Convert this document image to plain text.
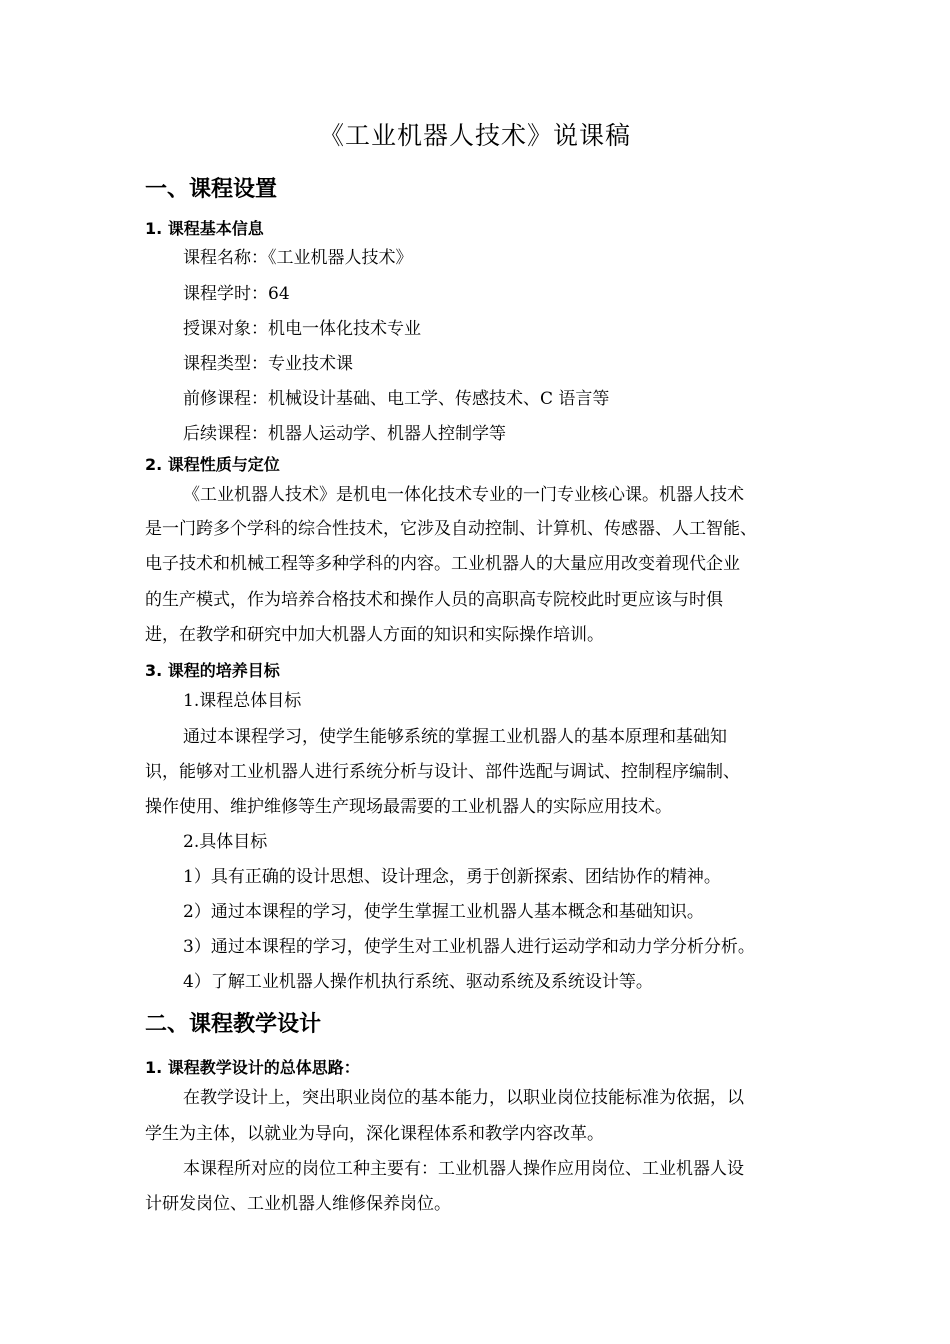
《工业机器人技术》说课稿
一、课程设置
1. 课程基本信息
课程名称：《工业机器人技术》
课程学时：64
授课对象：机电一体化技术专业
课程类型：专业技术课
前修课程：机械设计基础、电工学、传感技术、C 语言等
后续课程：机器人运动学、机器人控制学等
2. 课程性质与定位
《工业机器人技术》是机电一体化技术专业的一门专业核心课。机器人技术
是一门跨多个学科的综合性技术，它涉及自动控制、计算机、传感器、人工智能、
电子技术和机械工程等多种学科的内容。工业机器人的大量应用改变着现代企业
的生产模式，作为培养合格技术和操作人员的高职高专院校此时更应该与时俱
进，在教学和研究中加大机器人方面的知识和实际操作培训。
3. 课程的培养目标
1.课程总体目标
通过本课程学习，使学生能够系统的掌握工业机器人的基本原理和基础知
识，能够对工业机器人进行系统分析与设计、部件选配与调试、控制程序编制、
操作使用、维护维修等生产现场最需要的工业机器人的实际应用技术。
2.具体目标
1）具有正确的设计思想、设计理念，勇于创新探索、团结协作的精神。
2）通过本课程的学习，使学生掌握工业机器人基本概念和基础知识。
3）通过本课程的学习，使学生对工业机器人进行运动学和动力学分析分析。
4）了解工业机器人操作机执行系统、驱动系统及系统设计等。
二、课程教学设计
1. 课程教学设计的总体思路：
在教学设计上，突出职业岗位的基本能力，以职业岗位技能标准为依据，以
学生为主体，以就业为导向，深化课程体系和教学内容改革。
本课程所对应的岗位工种主要有：工业机器人操作应用岗位、工业机器人设
计研发岗位、工业机器人维修保养岗位。
